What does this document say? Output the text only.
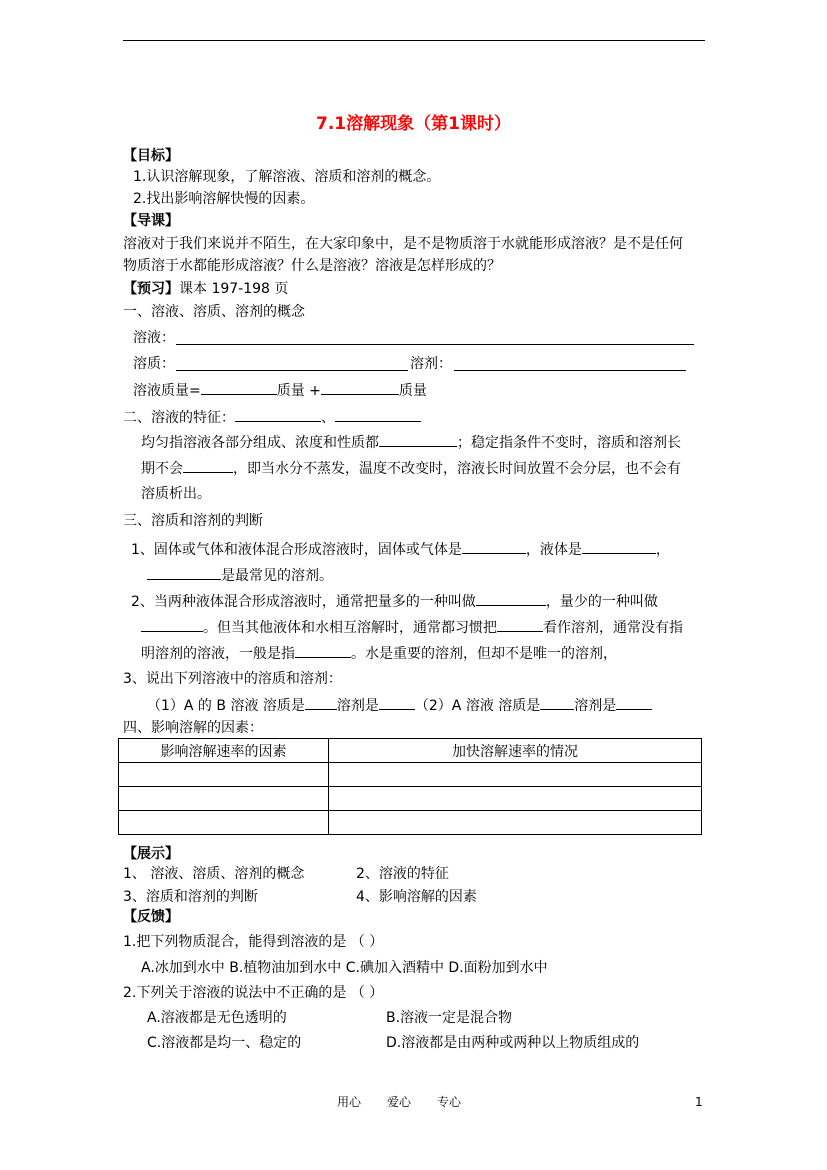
7.1溶解现象（第1课时）
【目标】
1.认识溶解现象，了解溶液、溶质和溶剂的概念。
2.找出影响溶解快慢的因素。
【导课】
溶液对于我们来说并不陌生，在大家印象中，是不是物质溶于水就能形成溶液？是不是任何
物质溶于水都能形成溶液？什么是溶液？溶液是怎样形成的？
【预习】课本 197-198 页
一、溶液、溶质、溶剂的概念
溶液：
溶质：	溶剂：
溶液质量=	质量 +	质量
二、溶液的特征：	、
均匀指溶液各部分组成、浓度和性质都	；稳定指条件不变时，溶质和溶剂长
期不会	，即当水分不蒸发，温度不改变时，溶液长时间放置不会分层，也不会有
溶质析出。
三、溶质和溶剂的判断
1、固体或气体和液体混合形成溶液时，固体或气体是	，液体是	，
是最常见的溶剂。
2、当两种液体混合形成溶液时，通常把量多的一种叫做	，量少的一种叫做
。但当其他液体和水相互溶解时，通常都习惯把	看作溶剂，通常没有指
明溶剂的溶液，一般是指	。水是重要的溶剂，但却不是唯一的溶剂，
3、说出下列溶液中的溶质和溶剂：
（1）A 的 B 溶液 溶质是 溶剂是	（2）A 溶液 溶质是 溶剂是
四、影响溶解的因素：
影响溶解速率的因素	加快溶解速率的情况

【展示】
1、 溶液、溶质、溶剂的概念	2、溶液的特征
3、溶质和溶剂的判断	4、影响溶解的因素
【反馈】
1.把下列物质混合，能得到溶液的是 （ ）
A.冰加到水中 B.植物油加到水中 C.碘加入酒精中 D.面粉加到水中
2.下列关于溶液的说法中不正确的是 （ ）
A.溶液都是无色透明的	B.溶液一定是混合物
C.溶液都是均一、稳定的	D.溶液都是由两种或两种以上物质组成的
用心 爱心 专心	1
